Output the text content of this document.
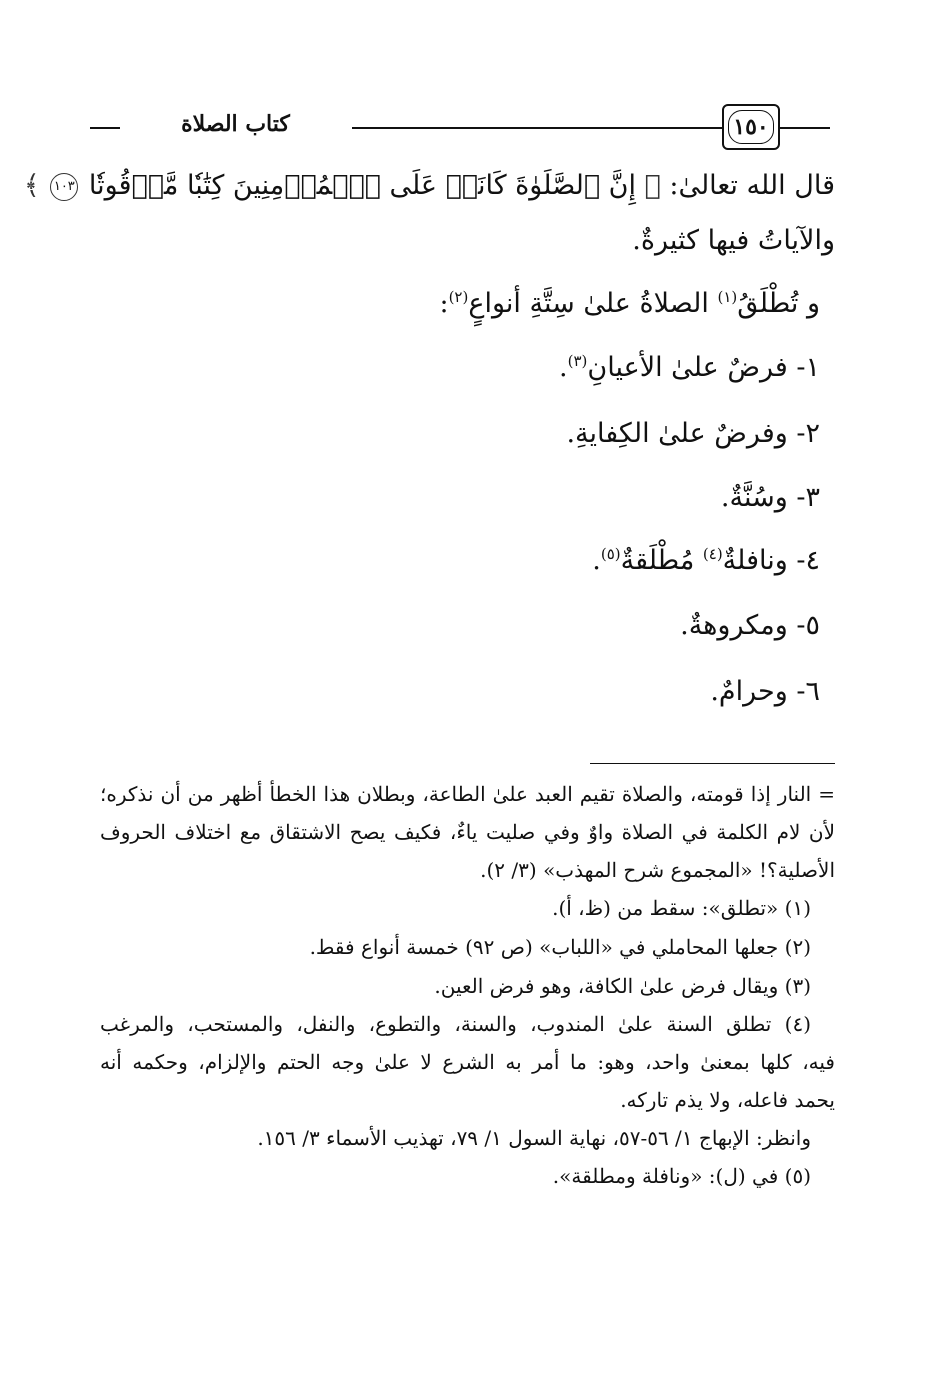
١٥٠
كتاب الصلاة
قال الله تعالىٰ: ﴿ إِنَّ ٱلصَّلَوٰةَ كَانَتۡ عَلَى ٱلۡمُؤۡمِنِينَ كِتَٰبٗا مَّوۡقُوتٗا ١٠٣ ﴾
والآياتُ فيها كثيرةٌ.
و تُطْلَقُ$^{(١)}$ الصلاةُ علىٰ سِتَّةِ أنواعٍ$^{(٢)}$:
١- فرضٌ علىٰ الأعيانِ$^{(٣)}$.
٢- وفرضٌ علىٰ الكِفايةِ.
٣- وسُنَّةٌ.
٤- ونافلةٌ$^{(٤)}$ مُطْلَقةٌ$^{(٥)}$.
٥- ومكروهةٌ.
٦- وحرامٌ.
= النار إذا قومته، والصلاة تقيم العبد علىٰ الطاعة، وبطلان هذا الخطأ أظهر من أن نذكره؛
لأن لام الكلمة في الصلاة واوٌ وفي صليت ياءٌ، فكيف يصح الاشتقاق مع اختلاف الحروف
الأصلية؟! «المجموع شرح المهذب» (٣/ ٢).
(١) «تطلق»: سقط من (ظ، أ).
(٢) جعلها المحاملي في «اللباب» (ص ٩٢) خمسة أنواع فقط.
(٣) ويقال فرض علىٰ الكافة، وهو فرض العين.
(٤) تطلق السنة علىٰ المندوب، والسنة، والتطوع، والنفل، والمستحب، والمرغب
فيه، كلها بمعنىٰ واحد، وهو: ما أمر به الشرع لا علىٰ وجه الحتم والإلزام، وحكمه أنه
يحمد فاعله، ولا يذم تاركه.
وانظر: الإبهاج ١/ ٥٦-٥٧، نهاية السول ١/ ٧٩، تهذيب الأسماء ٣/ ١٥٦.
(٥) في (ل): «ونافلة ومطلقة».
